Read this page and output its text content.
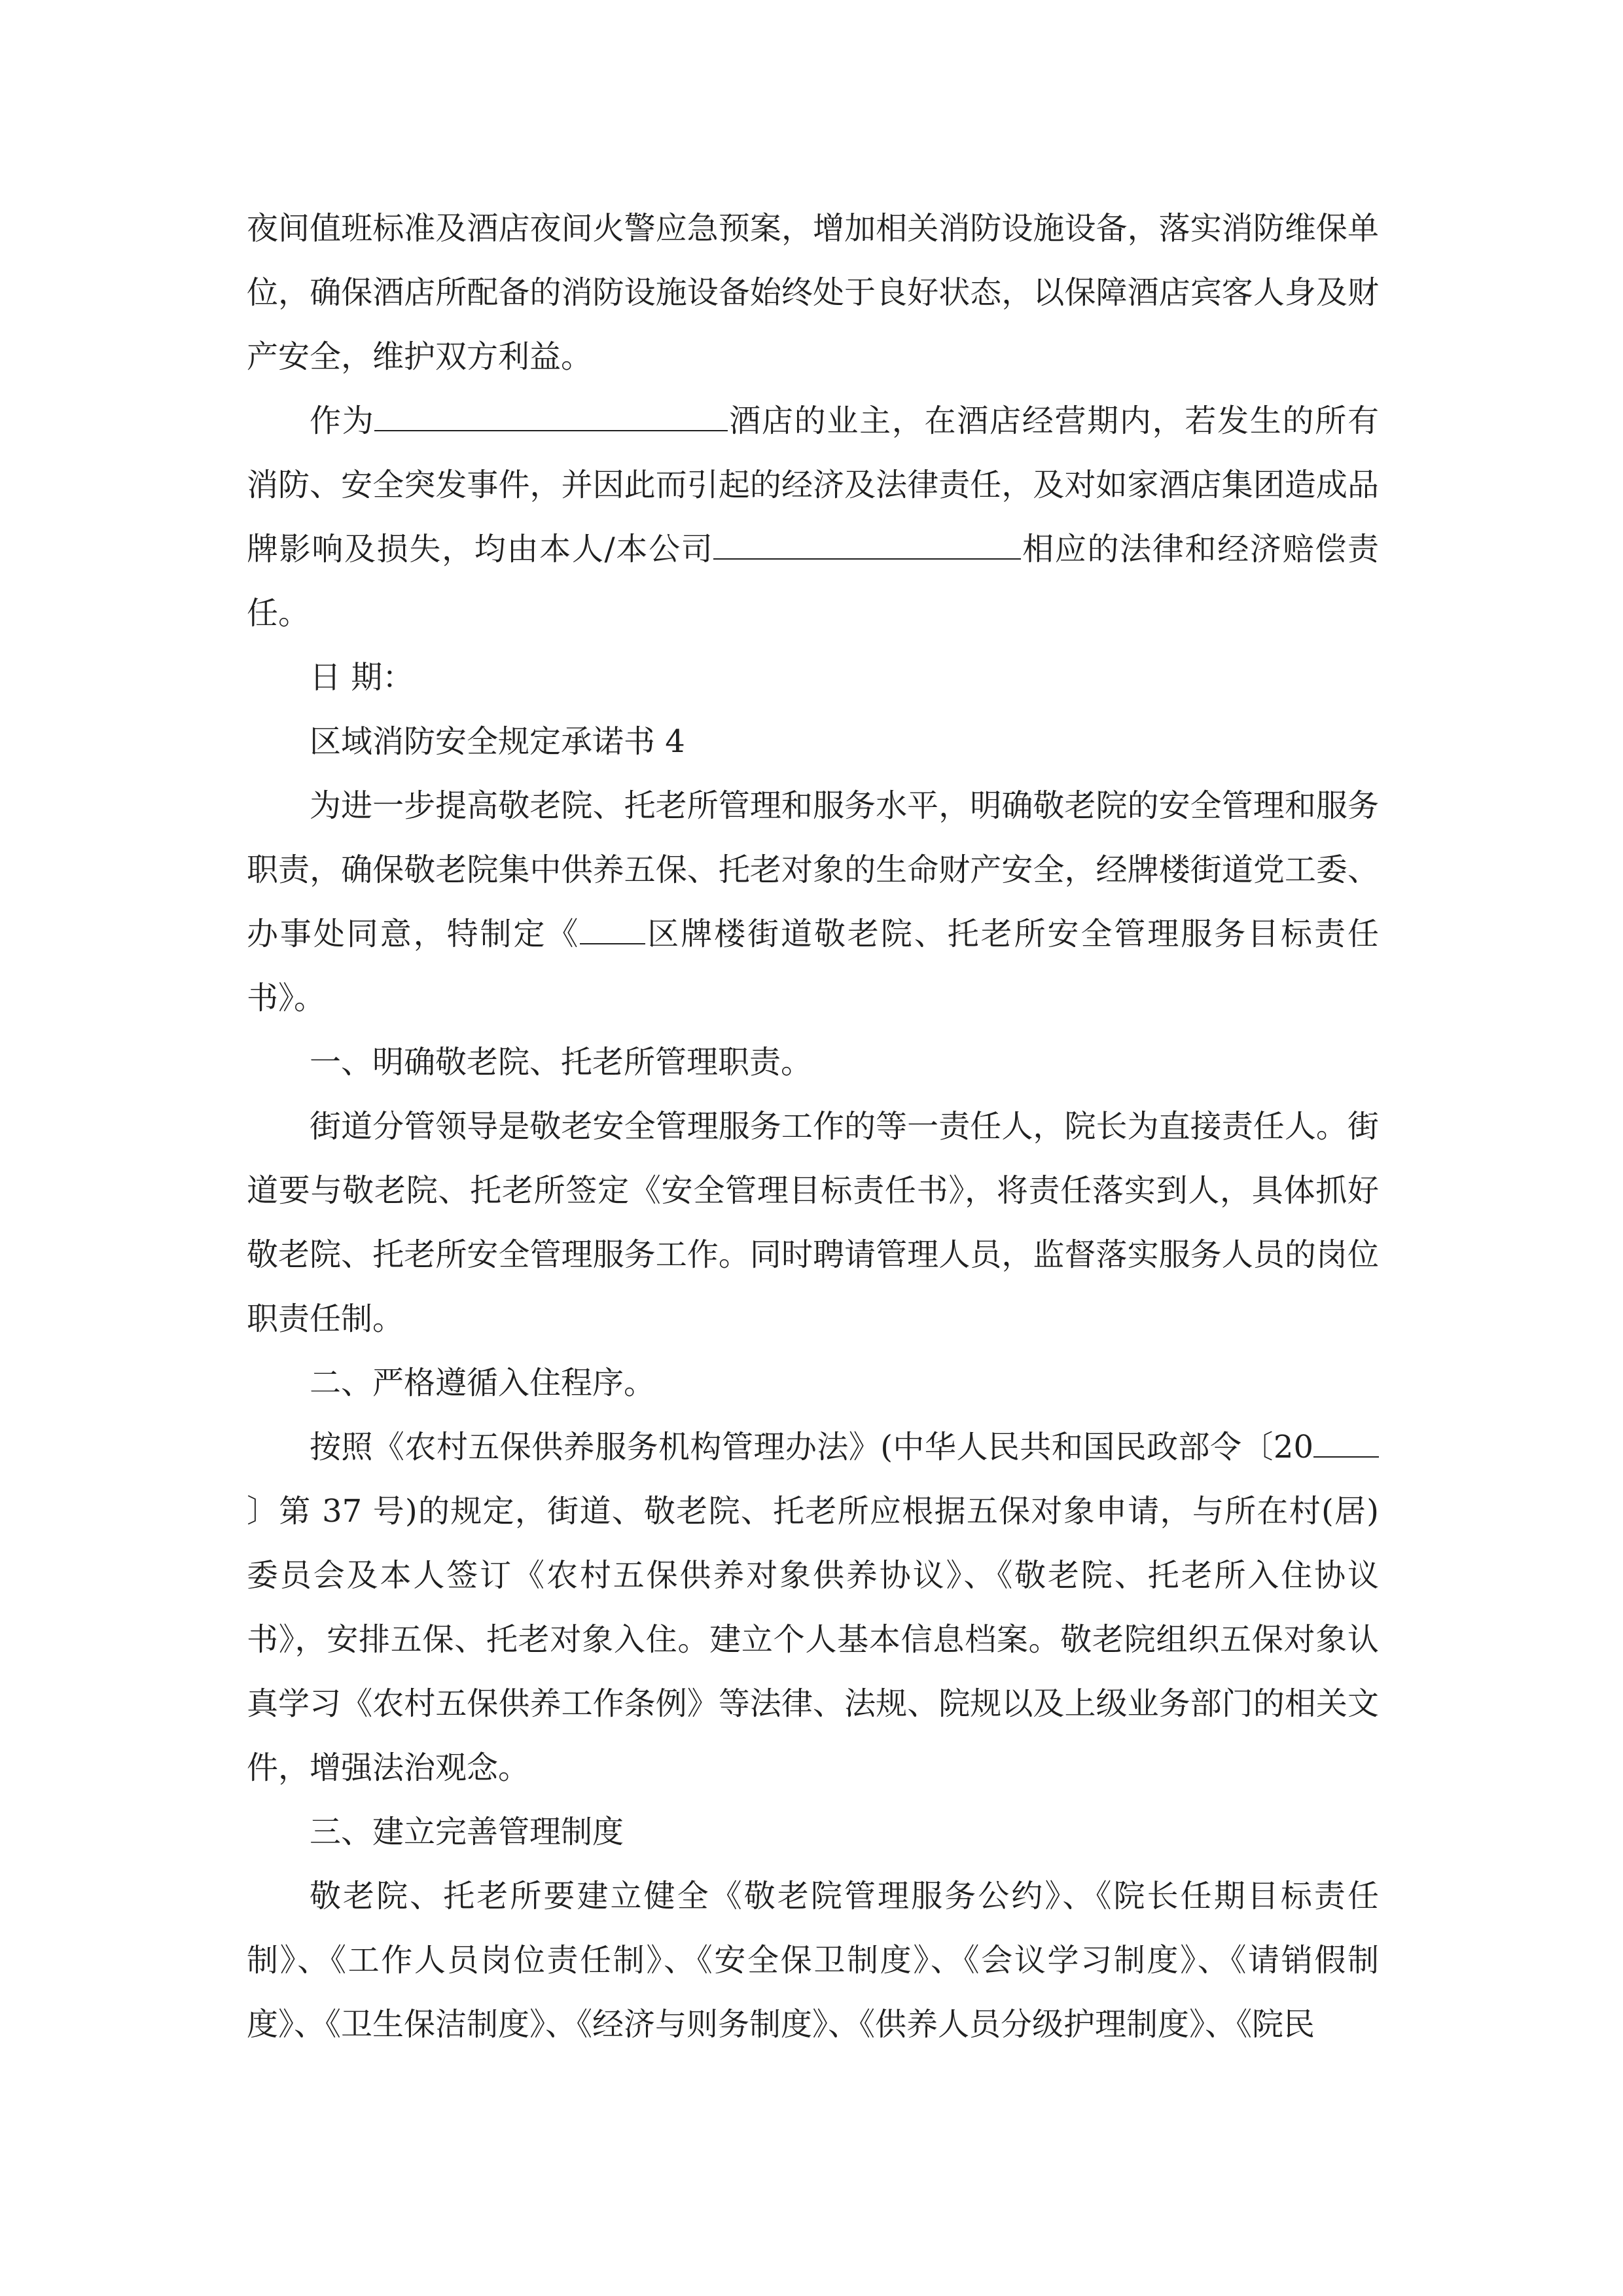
夜间值班标准及酒店夜间火警应急预案，增加相关消防设施设备，落实消防维保单位，确保酒店所配备的消防设施设备始终处于良好状态，以保障酒店宾客人身及财产安全，维护双方利益。

作为	酒店的业主，在酒店经营期内，若发生的所有消防、安全突发事件，并因此而引起的经济及法律责任，及对如家酒店集团造成品牌影响及损失，均由本人/本公司	相应的法律和经济赔偿责任。

日 期：

区域消防安全规定承诺书 4

为进一步提高敬老院、托老所管理和服务水平，明确敬老院的安全管理和服务职责，确保敬老院集中供养五保、托老对象的生命财产安全，经牌楼街道党工委、办事处同意，特制定《 区牌楼街道敬老院、托老所安全管理服务目标责任书》。

一、明确敬老院、托老所管理职责。

街道分管领导是敬老安全管理服务工作的等一责任人，院长为直接责任人。街道要与敬老院、托老所签定《安全管理目标责任书》，将责任落实到人，具体抓好敬老院、托老所安全管理服务工作。同时聘请管理人员，监督落实服务人员的岗位职责任制。

二、严格遵循入住程序。

按照《农村五保供养服务机构管理办法》(中华人民共和国民政部令〔20〕第 37 号)的规定，街道、敬老院、托老所应根据五保对象申请，与所在村(居)委员会及本人签订《农村五保供养对象供养协议》、《敬老院、托老所入住协议书》，安排五保、托老对象入住。建立个人基本信息档案。敬老院组织五保对象认真学习《农村五保供养工作条例》等法律、法规、院规以及上级业务部门的相关文件，增强法治观念。

三、建立完善管理制度

敬老院、托老所要建立健全《敬老院管理服务公约》、《院长任期目标责任制》、《工作人员岗位责任制》、《安全保卫制度》、《会议学习制度》、《请销假制度》、《卫生保洁制度》、《经济与则务制度》、《供养人员分级护理制度》、《院民
